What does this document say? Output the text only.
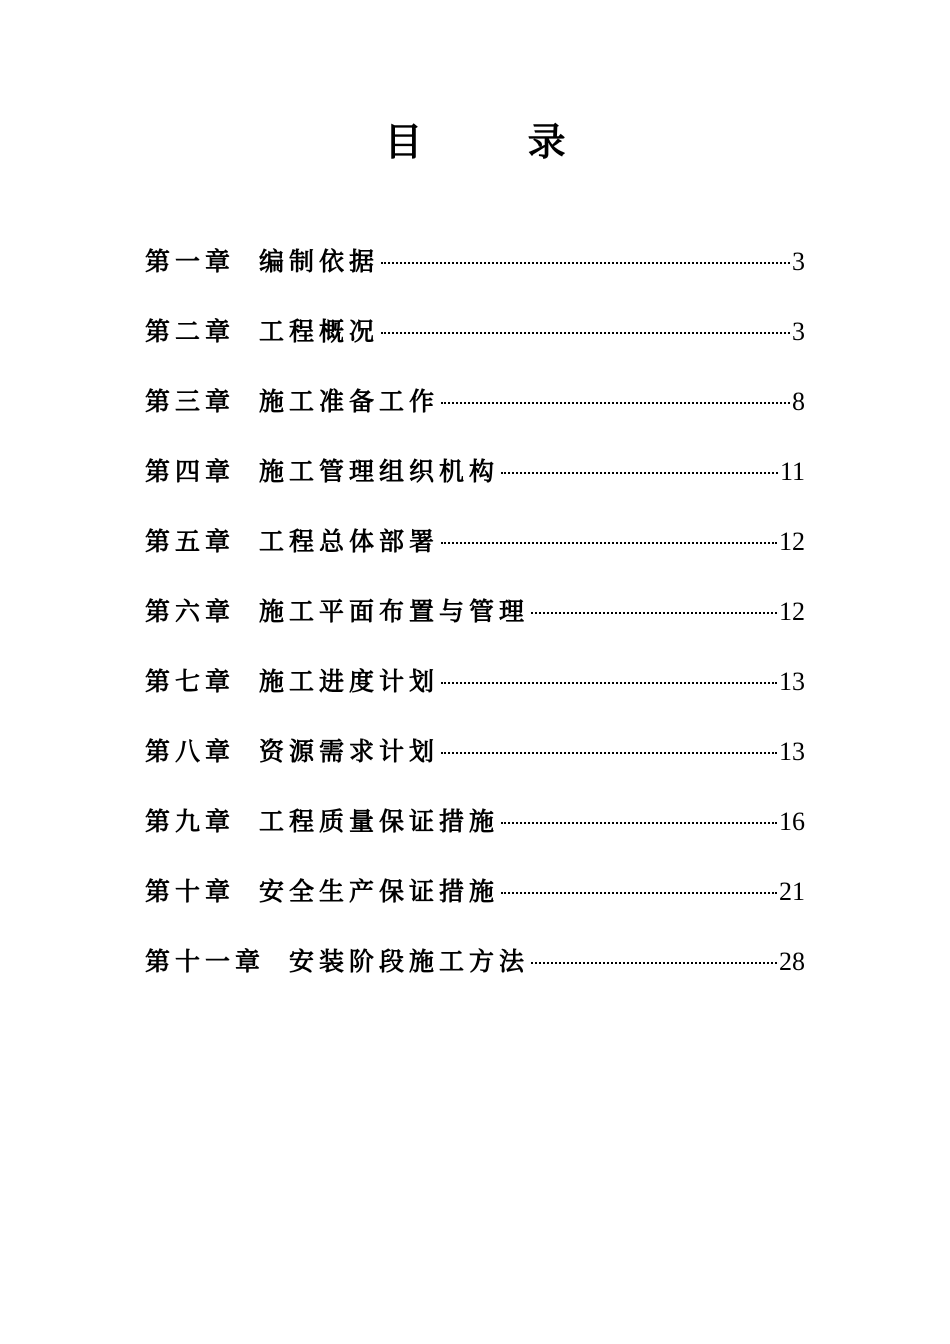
目 录
第一章 编制依据	3
第二章 工程概况	3
第三章 施工准备工作	8
第四章 施工管理组织机构	11
第五章 工程总体部署	12
第六章 施工平面布置与管理	12
第七章 施工进度计划	13
第八章 资源需求计划	13
第九章 工程质量保证措施	16
第十章 安全生产保证措施	21
第十一章 安装阶段施工方法	28
